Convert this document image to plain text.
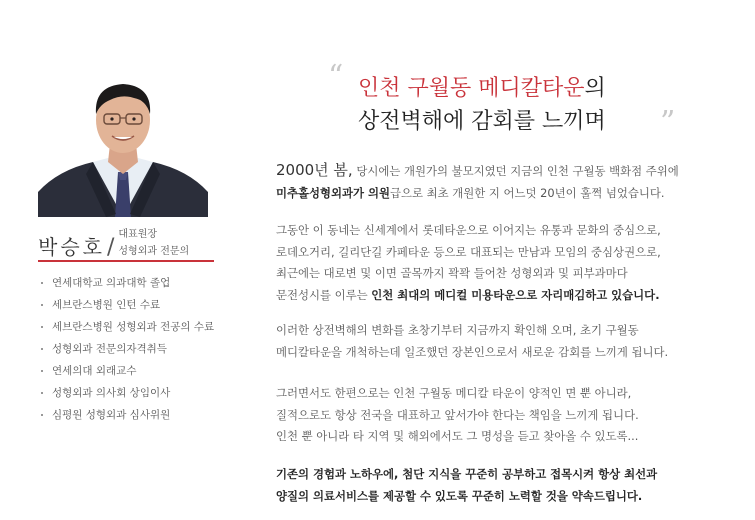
박승호 /
대표원장
성형외과 전문의
연세대학교 의과대학 졸업
세브란스병원 인턴 수료
세브란스병원 성형외과 전공의 수료
성형외과 전문의자격취득
연세의대 외래교수
성형외과 의사회 상임이사
심평원 성형외과 심사위원
“ 인천 구월동 메디칼타운의
상전벽해에 감회를 느끼며 ”
2000년 봄, 당시에는 개원가의 불모지였던 지금의 인천 구월동 백화점 주위에
미추홀성형외과가 의원급으로 최초 개원한 지 어느덧 20년이 훌쩍 넘었습니다.
그동안 이 동네는 신세계에서 롯데타운으로 이어지는 유통과 문화의 중심으로,
로데오거리, 길리단길 카페타운 등으로 대표되는 만남과 모임의 중심상권으로,
최근에는 대로변 및 이면 골목까지 꽉꽉 들어찬 성형외과 및 피부과마다
문전성시를 이루는 인천 최대의 메디컬 미용타운으로 자리매김하고 있습니다.
이러한 상전벽해의 변화를 초창기부터 지금까지 확인해 오며, 초기 구월동
메디칼타운을 개척하는데 일조했던 장본인으로서 새로운 감회를 느끼게 됩니다.
그러면서도 한편으로는 인천 구월동 메디칼 타운이 양적인 면 뿐 아니라,
질적으로도 항상 전국을 대표하고 앞서가야 한다는 책임을 느끼게 됩니다.
인천 뿐 아니라 타 지역 및 해외에서도 그 명성을 듣고 찾아올 수 있도록...
기존의 경험과 노하우에, 첨단 지식을 꾸준히 공부하고 접목시켜 항상 최선과
양질의 의료서비스를 제공할 수 있도록 꾸준히 노력할 것을 약속드립니다.
